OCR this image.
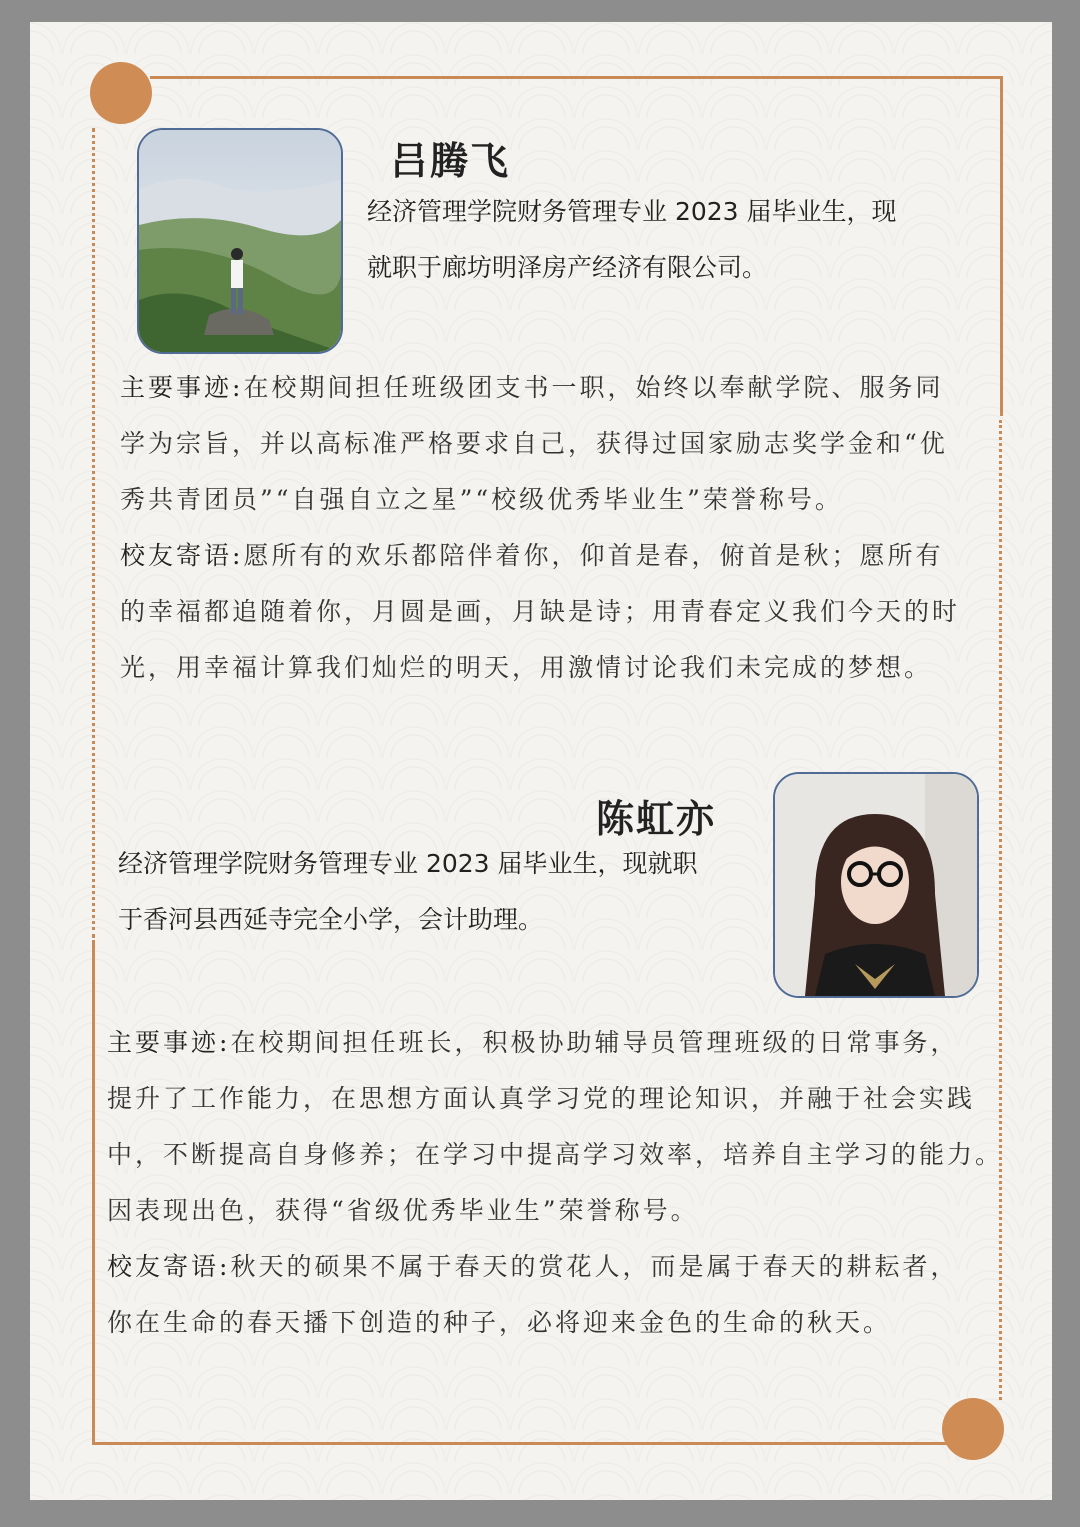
吕腾飞
经济管理学院财务管理专业 2023 届毕业生，现
就职于廊坊明泽房产经济有限公司。
主要事迹:在校期间担任班级团支书一职，始终以奉献学院、服务同
学为宗旨，并以高标准严格要求自己，获得过国家励志奖学金和“优
秀共青团员”“自强自立之星”“校级优秀毕业生”荣誉称号。
校友寄语:愿所有的欢乐都陪伴着你，仰首是春，俯首是秋；愿所有
的幸福都追随着你，月圆是画，月缺是诗；用青春定义我们今天的时
光，用幸福计算我们灿烂的明天，用激情讨论我们未完成的梦想。
陈虹亦
经济管理学院财务管理专业 2023 届毕业生，现就职
于香河县西延寺完全小学，会计助理。
主要事迹:在校期间担任班长，积极协助辅导员管理班级的日常事务，
提升了工作能力，在思想方面认真学习党的理论知识，并融于社会实践
中，不断提高自身修养；在学习中提高学习效率，培养自主学习的能力。
因表现出色，获得“省级优秀毕业生”荣誉称号。
校友寄语:秋天的硕果不属于春天的赏花人，而是属于春天的耕耘者，
你在生命的春天播下创造的种子，必将迎来金色的生命的秋天。
